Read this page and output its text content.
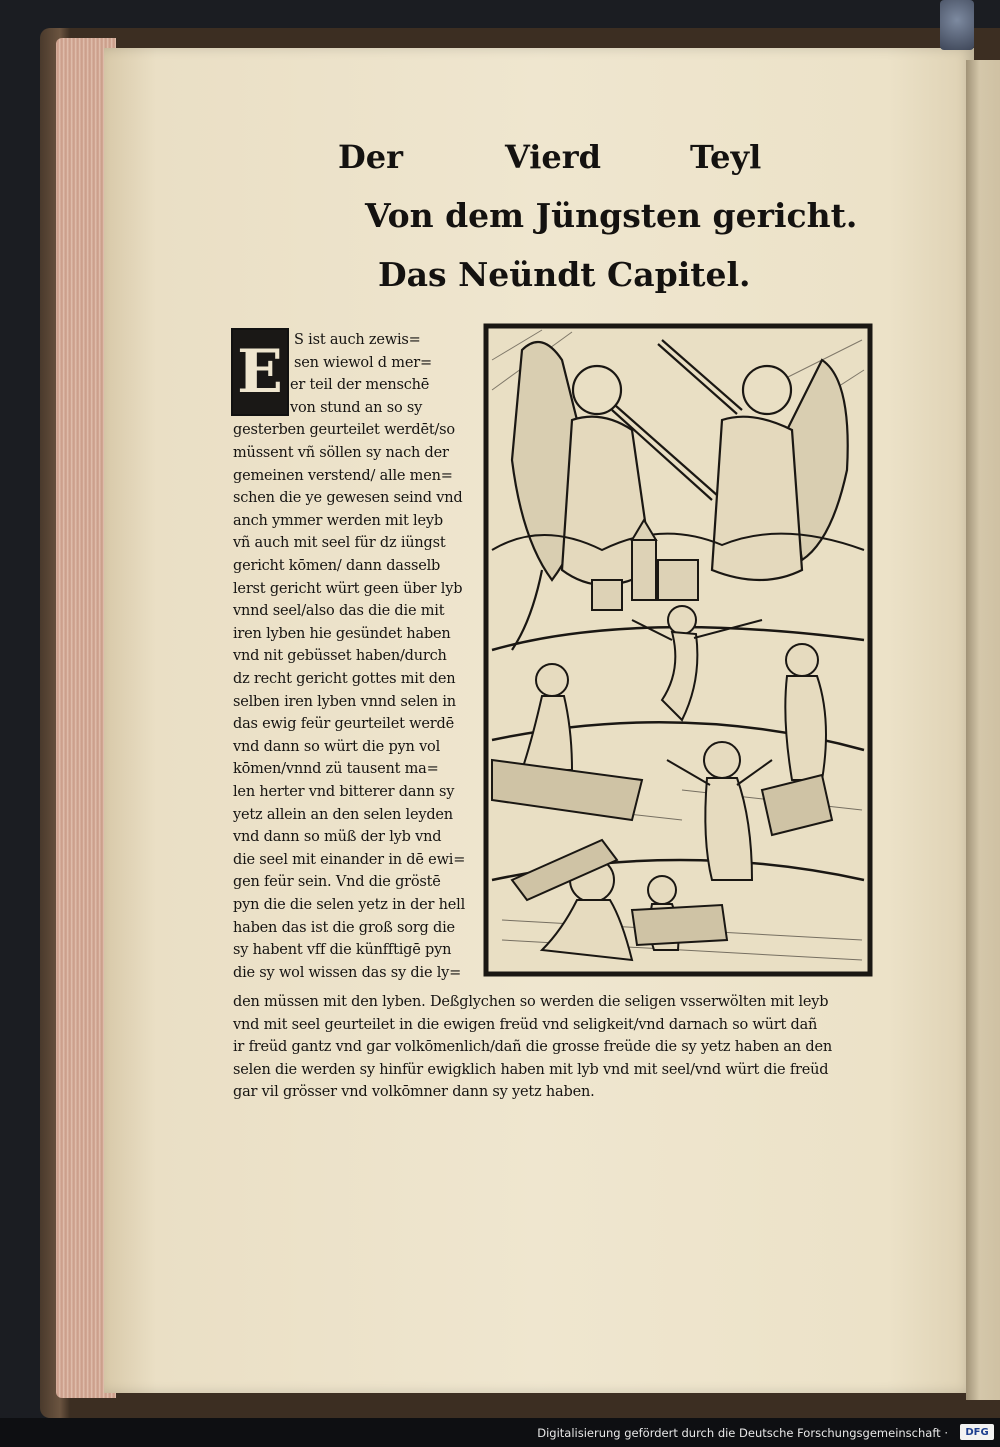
Der	Vierd	Teyl
Von dem Jüngsten gericht.
Das Neündt Capitel.
E S ist auch zewis=
sen wiewol d mer=
er teil der menschē
von stund an so sy
gesterben geurteilet werdēt/so
müssent vñ söllen sy nach der
gemeinen verstend/ alle men=
schen die ye gewesen seind vnd
anch ymmer werden mit leyb
vñ auch mit seel für dz iüngst
gericht kōmen/ dann dasselb
lerst gericht würt geen über lyb
vnnd seel/also das die die mit
iren lyben hie gesündet haben
vnd nit gebüsset haben/durch
dz recht gericht gottes mit den
selben iren lyben vnnd selen in
das ewig feür geurteilet werdē
vnd dann so würt die pyn vol
kōmen/vnnd zü tausent ma=
len herter vnd bitterer dann sy
yetz allein an den selen leyden
vnd dann so müß der lyb vnd
die seel mit einander in dē ewi=
gen feür sein. Vnd die gröstē
pyn die die selen yetz in der hell
haben das ist die groß sorg die
sy habent vff die künfftigē pyn
die sy wol wissen das sy die ly=
den müssen mit den lyben. Deßglychen so werden die seligen vsserwölten mit leyb
vnd mit seel geurteilet in die ewigen freüd vnd seligkeit/vnd darnach so würt dañ
ir freüd gantz vnd gar volkōmenlich/dañ die grosse freüde die sy yetz haben an den
selen die werden sy hinfür ewigklich haben mit lyb vnd mit seel/vnd würt die freüd
gar vil grösser vnd volkōmner dann sy yetz haben.
Digitalisierung gefördert durch die Deutsche Forschungsgemeinschaft ·	DFG
